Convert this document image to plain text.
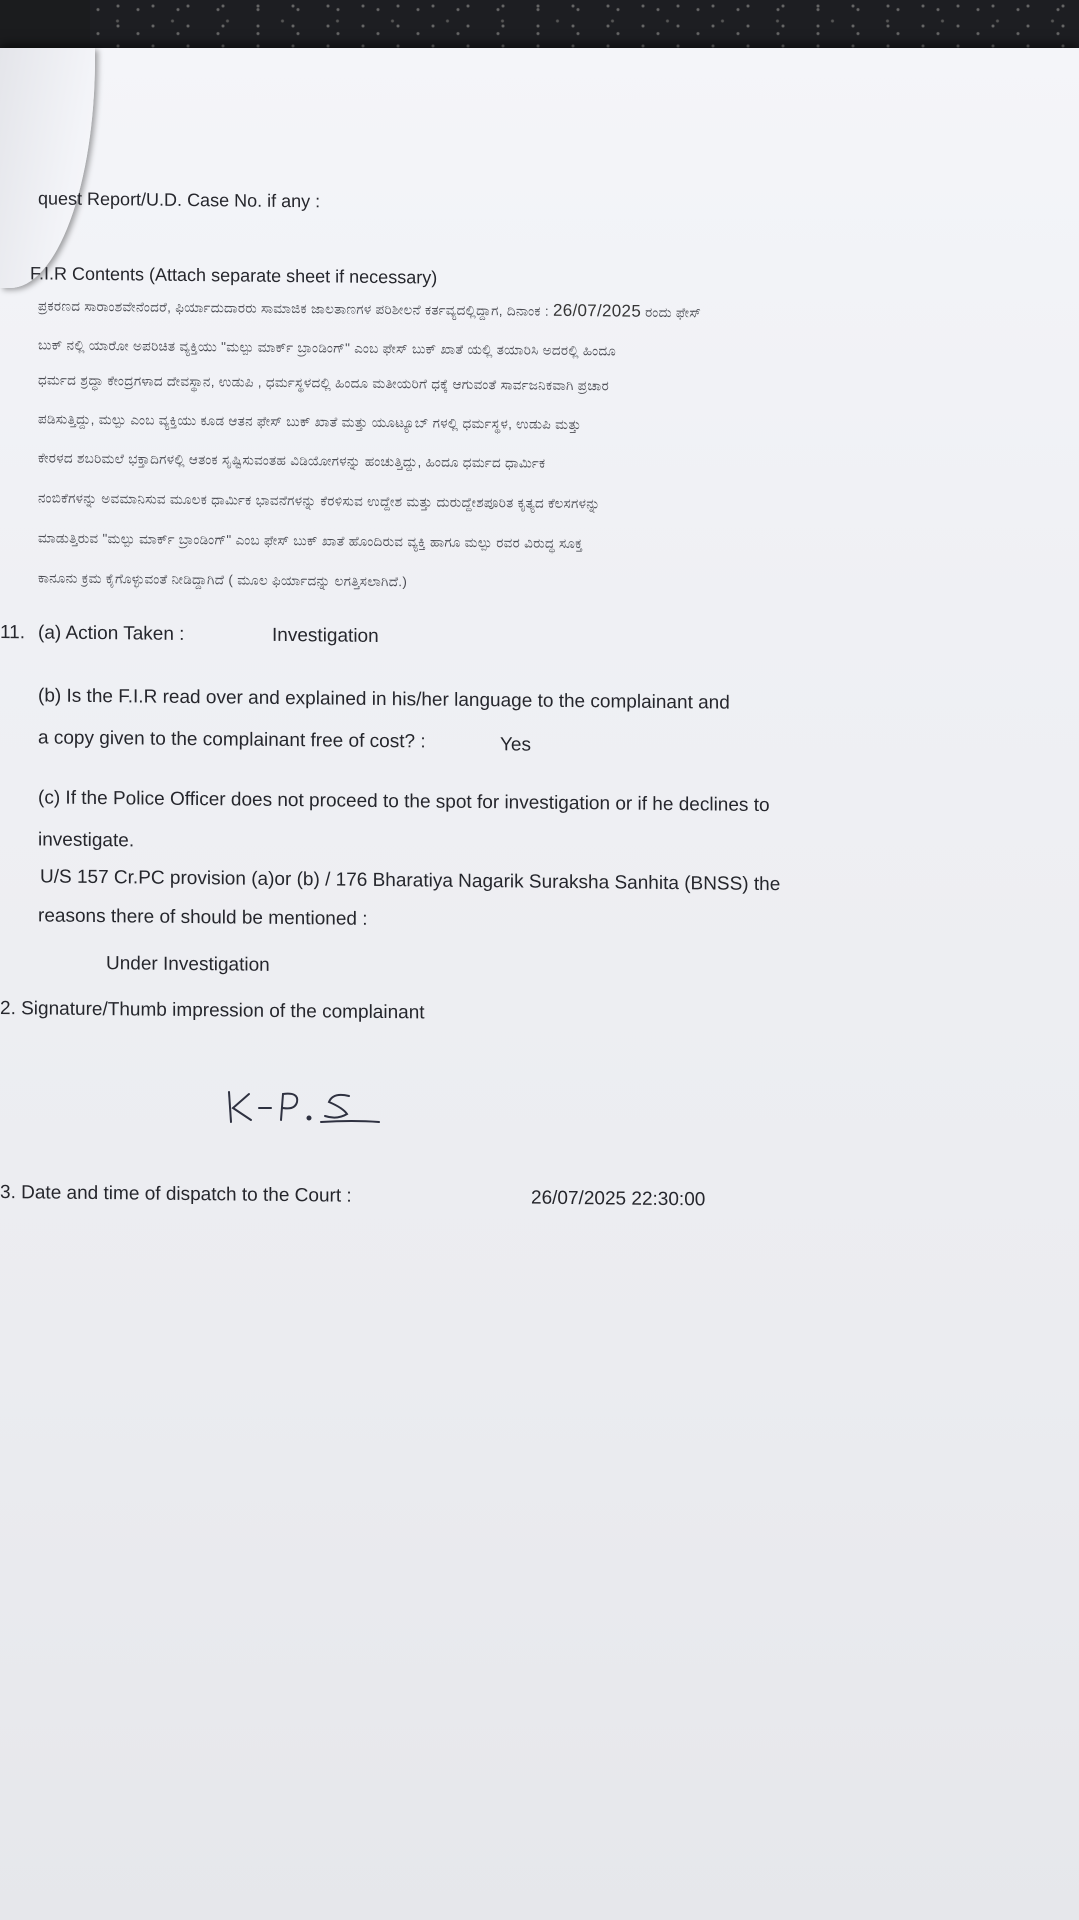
quest Report/U.D. Case No. if any :
F.I.R Contents (Attach separate sheet if necessary)
ಪ್ರಕರಣದ ಸಾರಾಂಶವೇನೆಂದರೆ, ಫಿರ್ಯಾದುದಾರರು ಸಾಮಾಜಿಕ ಜಾಲತಾಣಗಳ ಪರಿಶೀಲನೆ ಕರ್ತವ್ಯದಲ್ಲಿದ್ದಾಗ, ದಿನಾಂಕ : 26/07/2025 ರಂದು ಫೇಸ್
ಬುಕ್ ನಲ್ಲಿ ಯಾರೋ ಅಪರಿಚಿತ ವ್ಯಕ್ತಿಯು "ಮಲ್ಪು ಮಾರ್ಕ್ ಬ್ರಾಂಡಿಂಗ್" ಎಂಬ ಫೇಸ್ ಬುಕ್ ಖಾತೆ ಯಲ್ಲಿ ತಯಾರಿಸಿ ಅದರಲ್ಲಿ ಹಿಂದೂ
ಧರ್ಮದ ಶ್ರದ್ಧಾ ಕೇಂದ್ರಗಳಾದ ದೇವಸ್ಥಾನ, ಉಡುಪಿ , ಧರ್ಮಸ್ಥಳದಲ್ಲಿ ಹಿಂದೂ ಮತೀಯರಿಗೆ ಧಕ್ಕೆ ಆಗುವಂತೆ ಸಾರ್ವಜನಿಕವಾಗಿ ಪ್ರಚಾರ
ಪಡಿಸುತ್ತಿದ್ದು, ಮಲ್ಪು ಎಂಬ ವ್ಯಕ್ತಿಯು ಕೂಡ ಆತನ ಫೇಸ್ ಬುಕ್ ಖಾತೆ ಮತ್ತು ಯೂಟ್ಯೂಬ್ ಗಳಲ್ಲಿ ಧರ್ಮಸ್ಥಳ, ಉಡುಪಿ ಮತ್ತು
ಕೇರಳದ ಶಬರಿಮಲೆ ಭಕ್ತಾದಿಗಳಲ್ಲಿ ಆತಂಕ ಸೃಷ್ಟಿಸುವಂತಹ ವಿಡಿಯೋಗಳನ್ನು ಹಂಚುತ್ತಿದ್ದು, ಹಿಂದೂ ಧರ್ಮದ ಧಾರ್ಮಿಕ
ನಂಬಿಕೆಗಳನ್ನು ಅವಮಾನಿಸುವ ಮೂಲಕ ಧಾರ್ಮಿಕ ಭಾವನೆಗಳನ್ನು ಕೆರಳಿಸುವ ಉದ್ದೇಶ ಮತ್ತು ದುರುದ್ದೇಶಪೂರಿತ ಕೃತ್ಯದ ಕೆಲಸಗಳನ್ನು
ಮಾಡುತ್ತಿರುವ "ಮಲ್ಪು ಮಾರ್ಕ್ ಬ್ರಾಂಡಿಂಗ್" ಎಂಬ ಫೇಸ್ ಬುಕ್ ಖಾತೆ ಹೊಂದಿರುವ ವ್ಯಕ್ತಿ ಹಾಗೂ ಮಲ್ಪು ರವರ ವಿರುದ್ಧ ಸೂಕ್ತ
ಕಾನೂನು ಕ್ರಮ ಕೈಗೊಳ್ಳುವಂತೆ ನೀಡಿದ್ದಾಗಿದೆ ( ಮೂಲ ಫಿರ್ಯಾದನ್ನು ಲಗತ್ತಿಸಲಾಗಿದೆ.)
11. (a) Action Taken :	Investigation
(b) Is the F.I.R read over and explained in his/her language to the complainant and
a copy given to the complainant free of cost? :	Yes
(c) If the Police Officer does not proceed to the spot for investigation or if he declines to
investigate.
U/S 157 Cr.PC provision (a)or (b) / 176 Bharatiya Nagarik Suraksha Sanhita (BNSS) the
reasons there of should be mentioned :
Under Investigation
2. Signature/Thumb impression of the complainant
3. Date and time of dispatch to the Court :	26/07/2025 22:30:00
